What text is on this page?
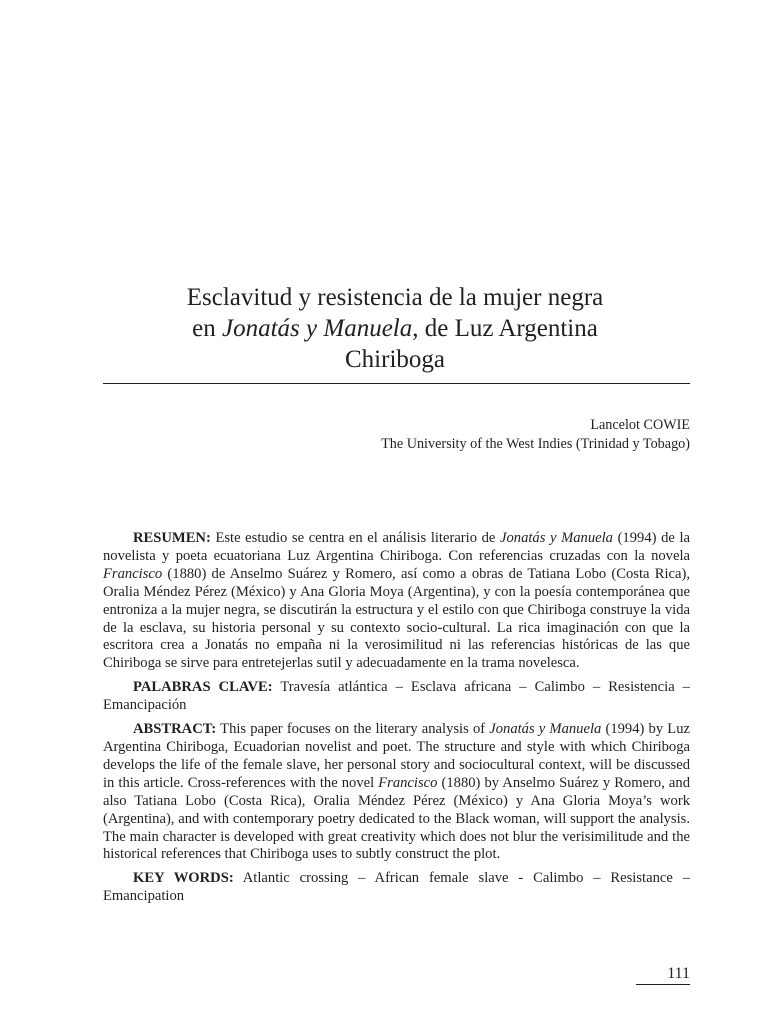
Esclavitud y resistencia de la mujer negra
en Jonatás y Manuela, de Luz Argentina
Chiriboga
Lancelot COWIE
The University of the West Indies (Trinidad y Tobago)

RESUMEN: Este estudio se centra en el análisis literario de Jonatás y Manuela (1994) de la novelista y poeta ecuatoriana Luz Argentina Chiriboga. Con referencias cruzadas con la novela Francisco (1880) de Anselmo Suárez y Romero, así como a obras de Tatiana Lobo (Costa Rica), Oralia Méndez Pérez (México) y Ana Gloria Moya (Argentina), y con la poesía contemporánea que entroniza a la mujer negra, se discutirán la estructura y el estilo con que Chiriboga construye la vida de la esclava, su historia personal y su contexto socio-cultural. La rica imaginación con que la escritora crea a Jonatás no empaña ni la verosimilitud ni las referencias históricas de las que Chiriboga se sirve para entretejerlas sutil y adecuadamente en la trama novelesca.

PALABRAS CLAVE: Travesía atlántica – Esclava africana – Calimbo – Resistencia – Emancipación

ABSTRACT: This paper focuses on the literary analysis of Jonatás y Manuela (1994) by Luz Argentina Chiriboga, Ecuadorian novelist and poet. The structure and style with which Chiriboga develops the life of the female slave, her personal story and sociocultural context, will be discussed in this article. Cross-references with the novel Francisco (1880) by Anselmo Suárez y Romero, and also Tatiana Lobo (Costa Rica), Oralia Méndez Pérez (México) y Ana Gloria Moya’s work (Argentina), and with contemporary poetry dedicated to the Black woman, will support the analysis. The main character is developed with great creativity which does not blur the verisimilitude and the historical references that Chiriboga uses to subtly construct the plot.

KEY WORDS: Atlantic crossing – African female slave - Calimbo – Resistance – Emancipation

111
